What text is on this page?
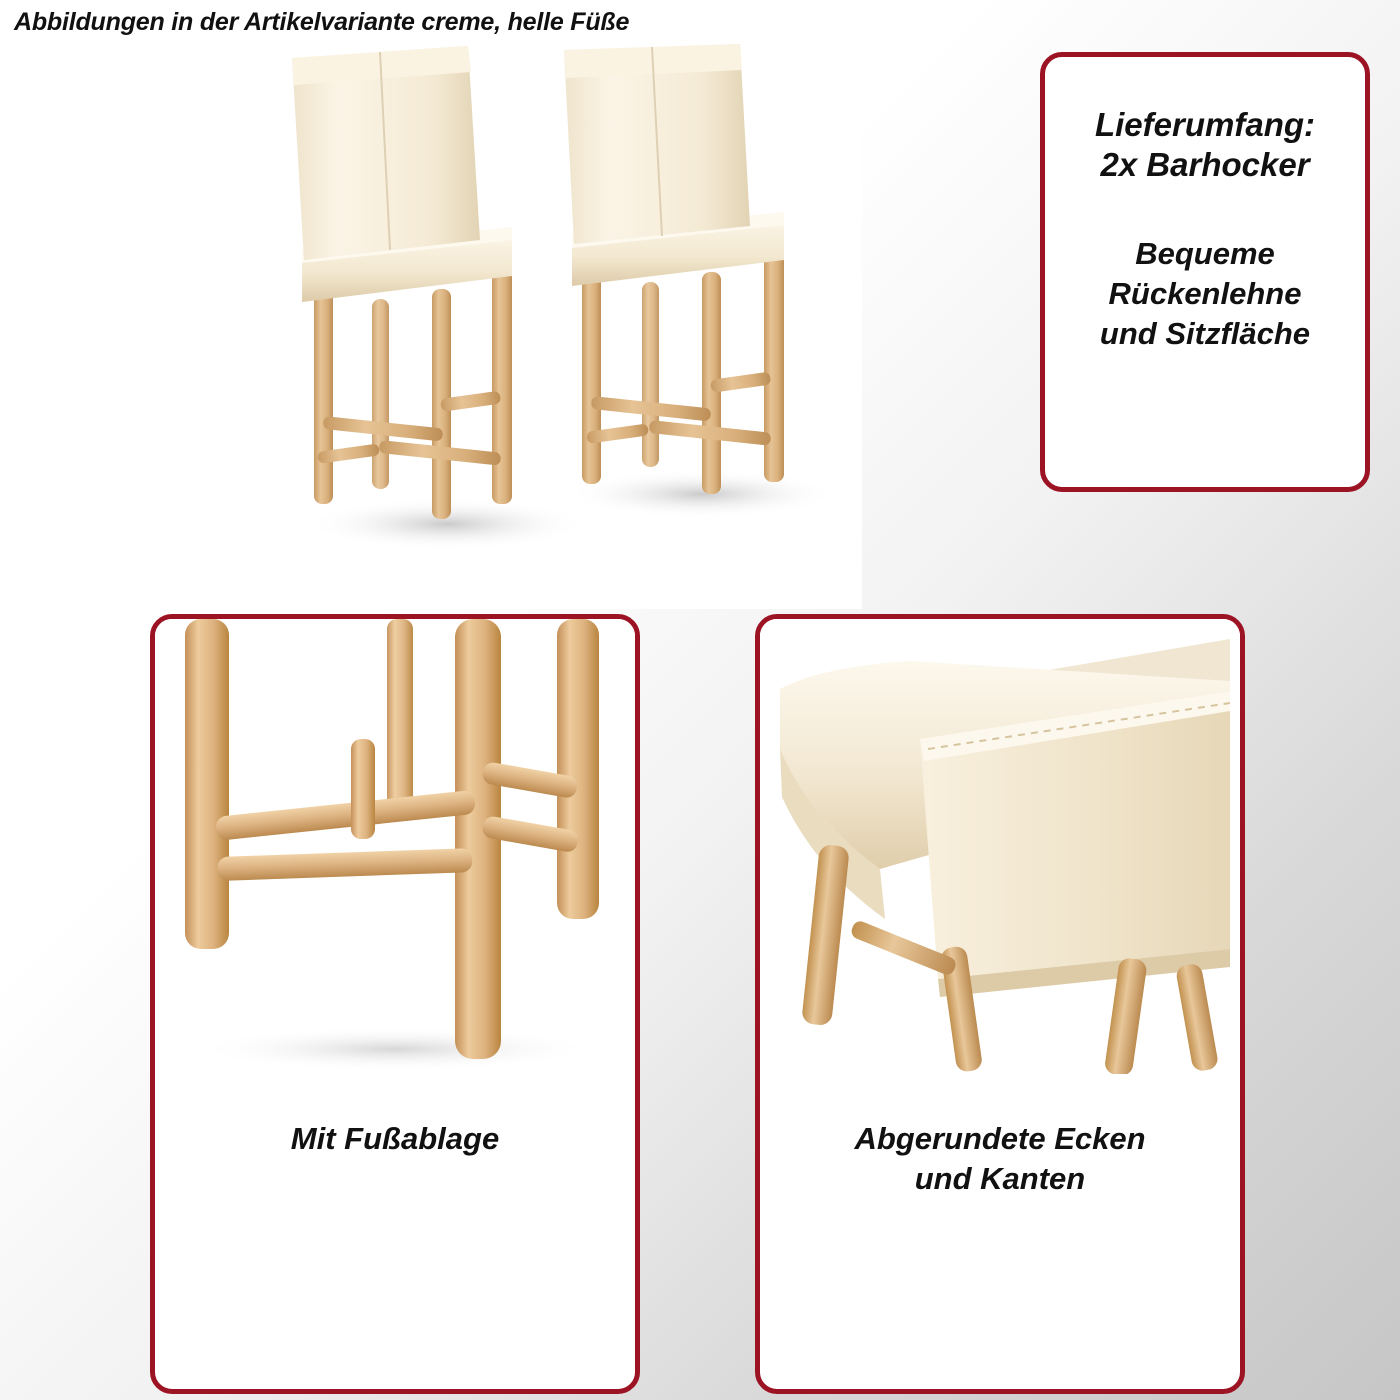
Abbildungen in der Artikelvariante creme, helle Füße
Lieferumfang:
2x Barhocker
Bequeme
Rückenlehne
und Sitzfläche
Mit Fußablage	Abgerundete Ecken
und Kanten
